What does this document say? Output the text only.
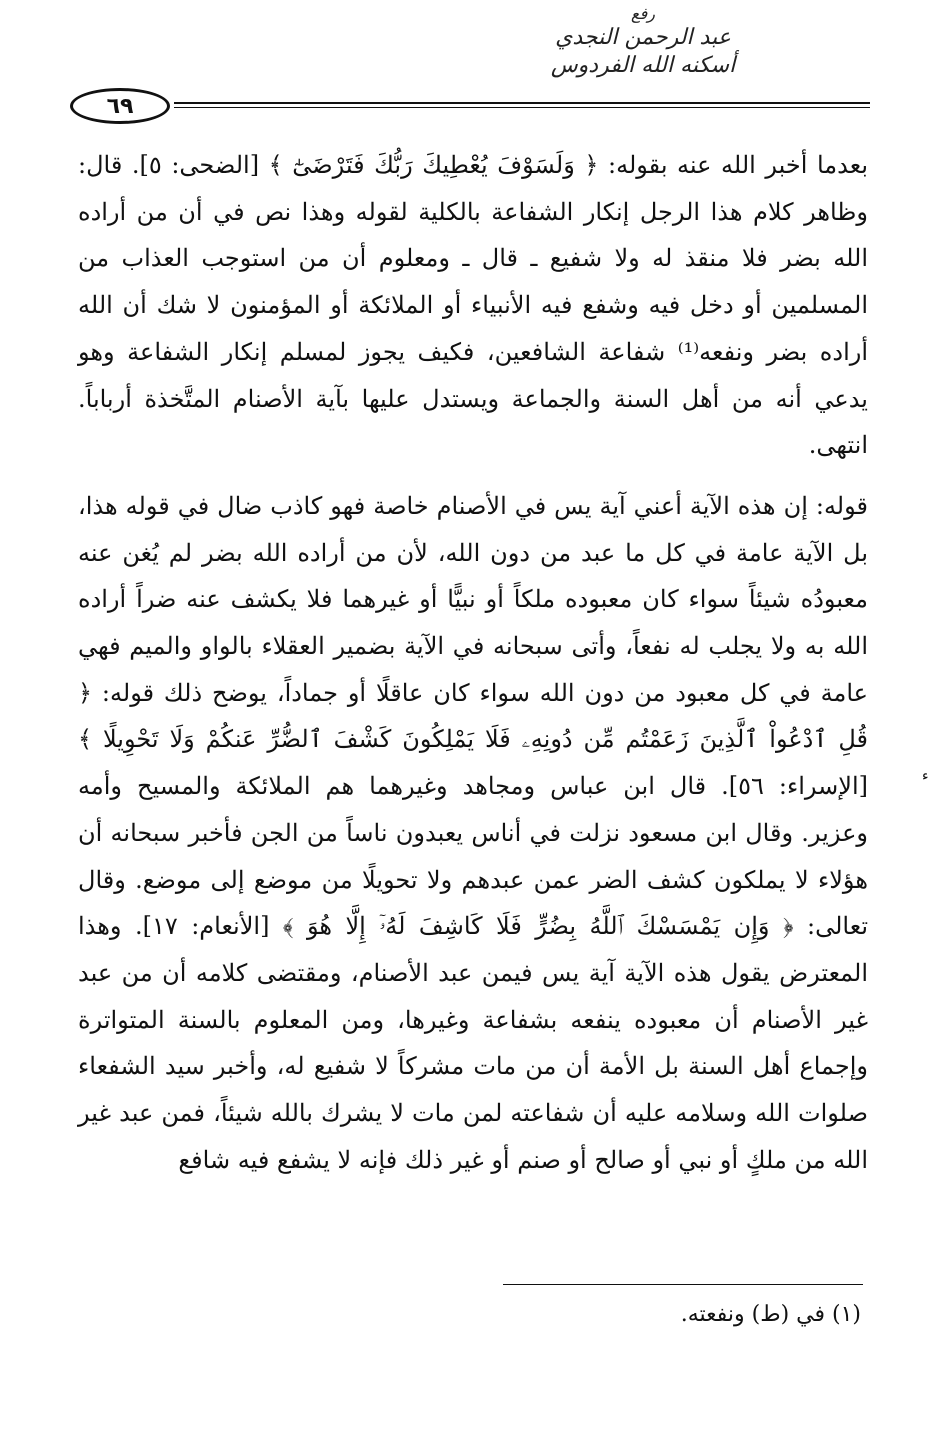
رفع
عبد الرحمن النجدي
أسكنه الله الفردوس
٦٩

بعدما أخبر الله عنه بقوله: ﴿ وَلَسَوْفَ يُعْطِيكَ رَبُّكَ فَتَرْضَىٰٓ ﴾ [الضحى: ٥]. قال: وظاهر كلام هذا الرجل إنكار الشفاعة بالكلية لقوله وهذا نص في أن من أراده الله بضر فلا منقذ له ولا شفيع ـ قال ـ ومعلوم أن من استوجب العذاب من المسلمين أو دخل فيه وشفع فيه الأنبياء أو الملائكة أو المؤمنون لا شك أن الله أراده بضر ونفعه⁽¹⁾ شفاعة الشافعين، فكيف يجوز لمسلم إنكار الشفاعة وهو يدعي أنه من أهل السنة والجماعة ويستدل عليها بآية الأصنام المتَّخذة أرباباً. انتهى.

قوله: إن هذه الآية أعني آية يس في الأصنام خاصة فهو كاذب ضال في قوله هذا، بل الآية عامة في كل ما عبد من دون الله، لأن من أراده الله بضر لم يُغن عنه معبودُه شيئاً سواء كان معبوده ملكاً أو نبيًّا أو غيرهما فلا يكشف عنه ضراً أراده الله به ولا يجلب له نفعاً، وأتى سبحانه في الآية بضمير العقلاء بالواو والميم فهي عامة في كل معبود من دون الله سواء كان عاقلًا أو جماداً، يوضح ذلك قوله: ﴿ قُلِ ٱدْعُواْ ٱلَّذِينَ زَعَمْتُم مِّن دُونِهِۦ فَلَا يَمْلِكُونَ كَشْفَ ٱلضُّرِّ عَنكُمْ وَلَا تَحْوِيلًا ﴾ [الإسراء: ٥٦]. قال ابن عباس ومجاهد وغيرهما هم الملائكة والمسيح وأمه وعزير. وقال ابن مسعود نزلت في أناس يعبدون ناساً من الجن فأخبر سبحانه أن هؤلاء لا يملكون كشف الضر عمن عبدهم ولا تحويلًا من موضع إلى موضع. وقال تعالى: ﴿ وَإِن يَمْسَسْكَ ٱللَّهُ بِضُرٍّ فَلَا كَاشِفَ لَهُۥٓ إِلَّا هُوَ ﴾ [الأنعام: ١٧]. وهذا المعترض يقول هذه الآية آية يس فيمن عبد الأصنام، ومقتضى كلامه أن من عبد غير الأصنام أن معبوده ينفعه بشفاعة وغيرها، ومن المعلوم بالسنة المتواترة وإجماع أهل السنة بل الأمة أن من مات مشركاً لا شفيع له، وأخبر سيد الشفعاء صلوات الله وسلامه عليه أن شفاعته لمن مات لا يشرك بالله شيئاً، فمن عبد غير الله من ملكٍ أو نبي أو صالح أو صنم أو غير ذلك فإنه لا يشفع فيه شافع

ء
(١) في (ط) ونفعته.
